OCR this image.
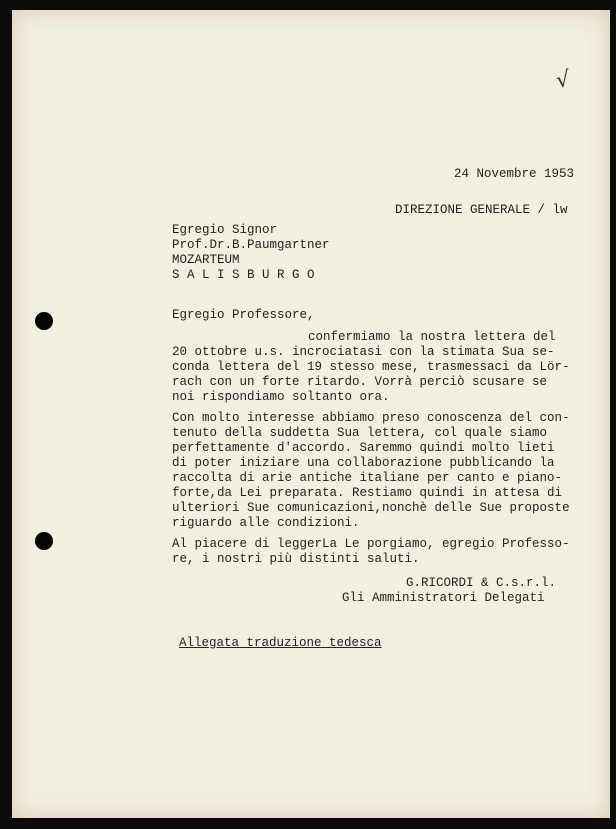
√
24 Novembre 1953
DIREZIONE GENERALE / lw
Egregio Signor
Prof.Dr.B.Paumgartner
MOZARTEUM
S A L I S B U R G O
Egregio Professore,
confermiamo la nostra lettera del
20 ottobre u.s. incrociatasi con la stimata Sua se-
conda lettera del 19 stesso mese, trasmessaci da Lör-
rach con un forte ritardo. Vorrà perciò scusare se
noi rispondiamo soltanto ora.
Con molto interesse abbiamo preso conoscenza del con-
tenuto della suddetta Sua lettera, col quale siamo
perfettamente d'accordo. Saremmo quindi molto lieti
di poter iniziare una collaborazione pubblicando la
raccolta di arie antiche italiane per canto e piano-
forte,da Lei preparata. Restiamo quindi in attesa di
ulteriori Sue comunicazioni,nonchè delle Sue proposte
riguardo alle condizioni.
Al piacere di leggerLa Le porgiamo, egregio Professo-
re, i nostri più distinti saluti.
G.RICORDI & C.s.r.l.
Gli Amministratori Delegati
Allegata traduzione tedesca
